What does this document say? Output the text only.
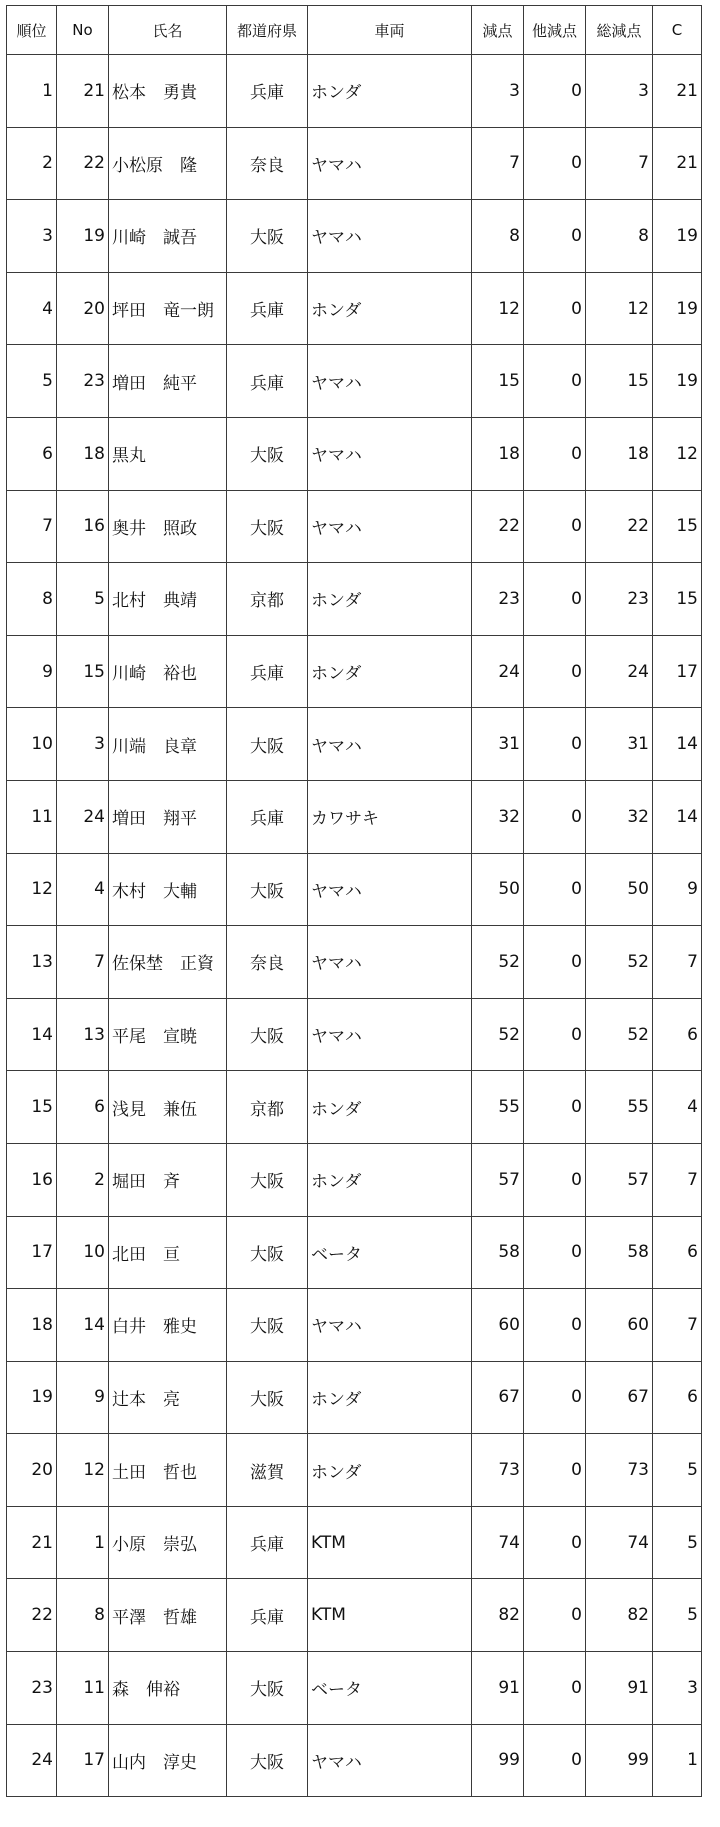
順位	No	氏名	都道府県	車両	減点	他減点	総減点	C
1	21	松本　勇貴	兵庫	ホンダ	3	0	3	21
2	22	小松原　隆	奈良	ヤマハ	7	0	7	21
3	19	川崎　誠吾	大阪	ヤマハ	8	0	8	19
4	20	坪田　竜一朗	兵庫	ホンダ	12	0	12	19
5	23	増田　純平	兵庫	ヤマハ	15	0	15	19
6	18	黒丸	大阪	ヤマハ	18	0	18	12
7	16	奥井　照政	大阪	ヤマハ	22	0	22	15
8	5	北村　典靖	京都	ホンダ	23	0	23	15
9	15	川崎　裕也	兵庫	ホンダ	24	0	24	17
10	3	川端　良章	大阪	ヤマハ	31	0	31	14
11	24	増田　翔平	兵庫	カワサキ	32	0	32	14
12	4	木村　大輔	大阪	ヤマハ	50	0	50	9
13	7	佐保埜　正資	奈良	ヤマハ	52	0	52	7
14	13	平尾　宣暁	大阪	ヤマハ	52	0	52	6
15	6	浅見　兼伍	京都	ホンダ	55	0	55	4
16	2	堀田　斉	大阪	ホンダ	57	0	57	7
17	10	北田　亘	大阪	ベータ	58	0	58	6
18	14	白井　雅史	大阪	ヤマハ	60	0	60	7
19	9	辻本　亮	大阪	ホンダ	67	0	67	6
20	12	土田　哲也	滋賀	ホンダ	73	0	73	5
21	1	小原　崇弘	兵庫	KTM	74	0	74	5
22	8	平澤　哲雄	兵庫	KTM	82	0	82	5
23	11	森　伸裕	大阪	ベータ	91	0	91	3
24	17	山内　淳史	大阪	ヤマハ	99	0	99	1
